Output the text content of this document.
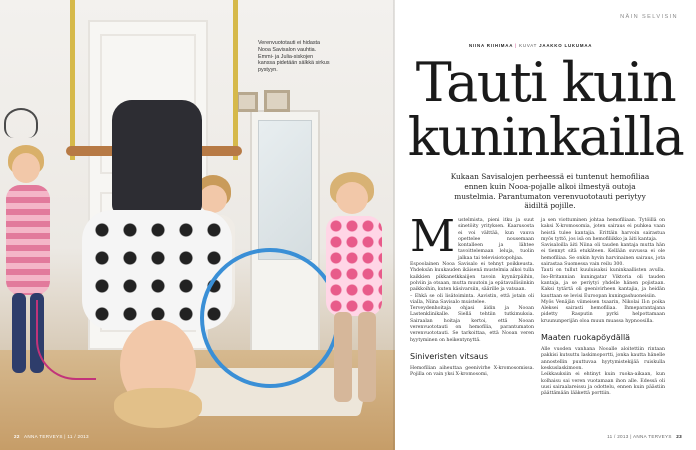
Verenvuototauti ei hidasta Nooa Savisalon vauhtia. Emmi- ja Julia-siskojen kanssa pidetään sälkkä sirkus pystyyn.
22 ANNA TERVEYS | 11 / 2013
NÄIN SELVISIN
NIINA RIIHIMAA | KUVAT JAAKKO LUKUMAA
Tauti kuin
kuninkailla
Kukaan Savisalojen perheessä ei tuntenut hemofiliaa ennen kuin Nooa-pojalle alkoi ilmestyä outoja mustelmia. Parantumaton verenvuototauti periytyy äidiltä pojille.

Mustelmista, pieni itku ja suut sinetöity yrityksen. Kaarusosta ei voi välttää, kun vauva opettelee nousemaan kontalleen ja lähtee tavoittelemaan leluja, tuolin jalkaa tai televisiotopohjaa.

Espoolainen Nooa Savisalo ei tehnyt poikkeusta. Yhdeksän kuukauden ikäisenä mustelmia alkoi tulla kaikkien pikkanetkkaiijen tavoin kyynärpäihin, polviin ja otsaan, mutta muutoin ja epätavallisiinkin paikkoihin, kuten käsivarsiin, säärille ja vatsaan.

– Ehkä se oli lisätoiminta. Aavistin, että jotain oli vialla, Niina Savisalo muistelee.

Terveydenhoitaja ohjasi äidin ja Nooan Lastenklinikalle. Siellä tehtiin tutkimuksia. Sairaalan hoitaja kertoi, että Nooan verenvuototauti on hemofilia, parantumaton verenvuototauti. Se tarkoittaa, että Nooan veren hyytyminen on heikentynyttä.

Siniveristen vitsaus

Hemofilian aiheuttaa geenivirhe X-kromosomissa. Pojilla on vain yksi X-kromosomi,

ja sen viottuminen johtaa hemofiliaan. Tytöillä on kaksi X-kromosomia, joten sairaus ei puhkea vaan heistä tulee kantajia. Erittäin harvoin sairastua myös tyttö, jos isä on hemofiliikko ja äiti kantaja.

Savisaloilla äiti Niina oli tauden kantaja mutta hän ei tiennyt sitä etukäteen. Kellään suvussa ei ole hemofiliaa. Se onkin hyvin harvinainen sairaus, jota sairastaa Suomessa vain reilu 300.

Tauti on tullut kuuluisaksi kuninkaallisten avulla. Iso-Britannian kuningatar Viktoria oli tauden kantaja, ja se periytyi yhdelle hänen pojistaan. Kaksi tytärtä oli geenivirheen kantajia, ja heidän kauttaan se levisi Euroopan kuningashuoneisiin.

Myös Venäjän viimeisen tsaarin, Nikolai II:n poika Aleksei sairasti hemofiliaa. Ihmeparantajana pidetty Rasputin pyrki helpottamaan kruununperijän oloa muun muassa hypnoosilla.

Maaten ruokapöydällä

Alle vuoden vanhana Nooalle aloitettiin rintaan pakkisi kutsuttu laskimoportti, jonka kautta hänelle annostellin puuttuvaa hyytymistekijää ruiskulla keskuslaskimoon.

Leikkauksiin ei ehtinyt kuin ruoka-aikaan, kun kolhaisu sai veren vuotamaan ihon alle. Edessä oli uusi sairaalareissu ja odottelu, ennen kuin päästiin päättämään lääkettä porttiin.

11 / 2013 | ANNA TERVEYS 23
